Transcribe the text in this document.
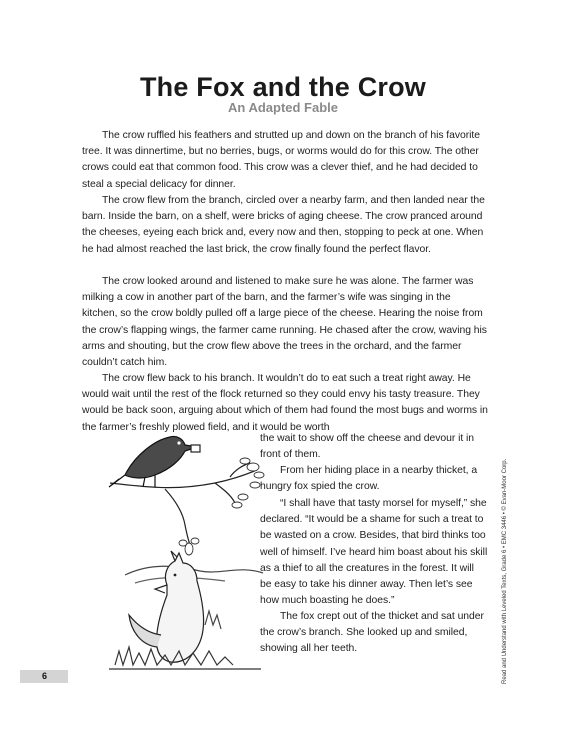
The Fox and the Crow
An Adapted Fable

The crow ruffled his feathers and strutted up and down on the branch of his favorite tree. It was dinnertime, but no berries, bugs, or worms would do for this crow. The other crows could eat that common food. This crow was a clever thief, and he had decided to steal a special delicacy for dinner.

The crow flew from the branch, circled over a nearby farm, and then landed near the barn. Inside the barn, on a shelf, were bricks of aging cheese. The crow pranced around the cheeses, eyeing each brick and, every now and then, stopping to peck at one. When he had almost reached the last brick, the crow finally found the perfect flavor.

The crow looked around and listened to make sure he was alone. The farmer was milking a cow in another part of the barn, and the farmer’s wife was singing in the kitchen, so the crow boldly pulled off a large piece of the cheese. Hearing the noise from the crow’s flapping wings, the farmer came running. He chased after the crow, waving his arms and shouting, but the crow flew above the trees in the orchard, and the farmer couldn’t catch him.

The crow flew back to his branch. It wouldn’t do to eat such a treat right away. He would wait until the rest of the flock returned so they could envy his tasty treasure. They would be back soon, arguing about which of them had found the most bugs and worms in the farmer’s freshly plowed field, and it would be worth

the wait to show off the cheese and devour it in front of them.

From her hiding place in a nearby thicket, a hungry fox spied the crow.

“I shall have that tasty morsel for myself,” she declared. “It would be a shame for such a treat to be wasted on a crow. Besides, that bird thinks too well of himself. I’ve heard him boast about his skill as a thief to all the creatures in the forest. It will be easy to take his dinner away. Then let’s see how much boasting he does.”

The fox crept out of the thicket and sat under the crow’s branch. She looked up and smiled, showing all her teeth.

6	Read and Understand with Leveled Texts, Grade 6 • EMC 3446 • © Evan-Moor Corp.
